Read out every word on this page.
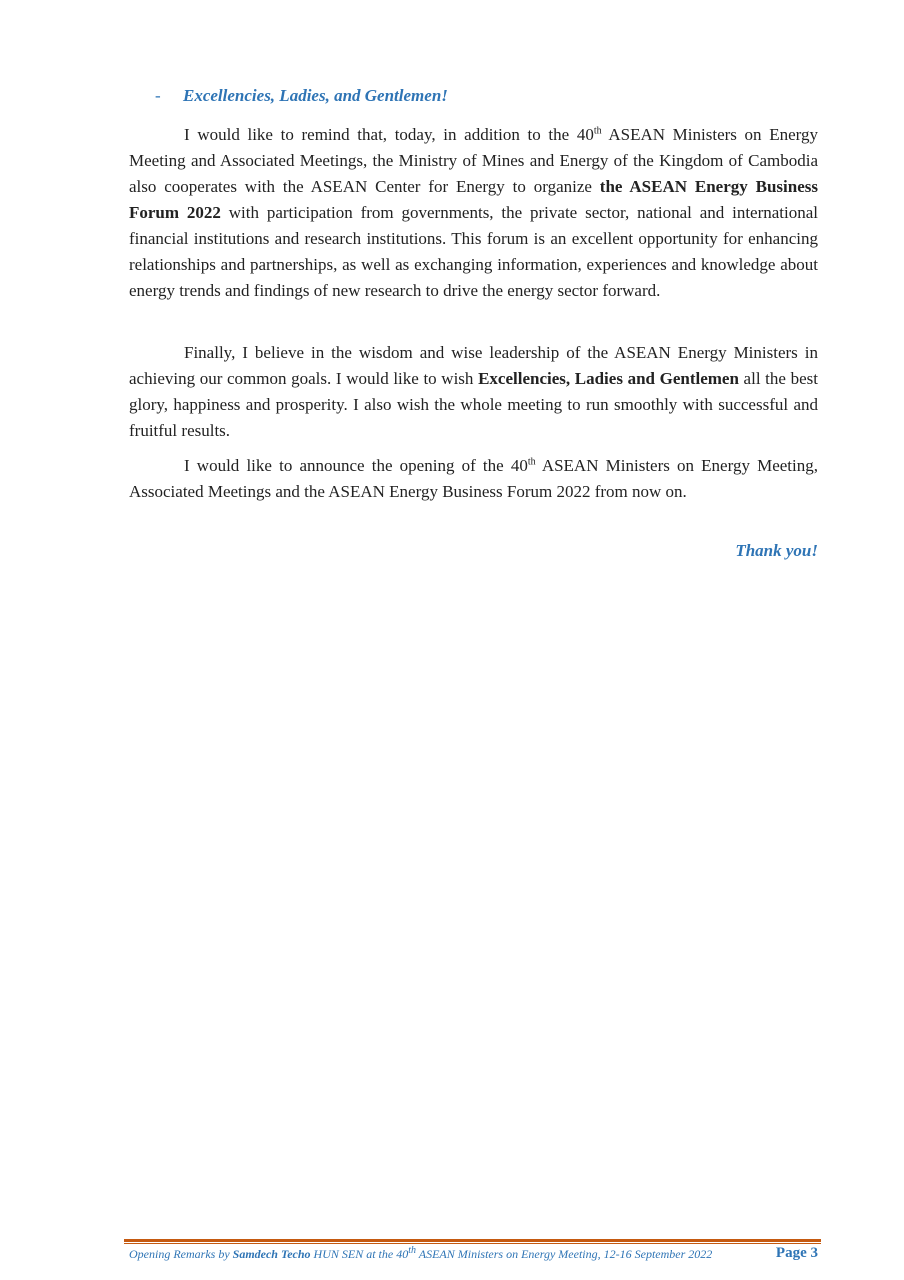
- Excellencies, Ladies, and Gentlemen!

I would like to remind that, today, in addition to the 40th ASEAN Ministers on Energy Meeting and Associated Meetings, the Ministry of Mines and Energy of the Kingdom of Cambodia also cooperates with the ASEAN Center for Energy to organize the ASEAN Energy Business Forum 2022 with participation from governments, the private sector, national and international financial institutions and research institutions. This forum is an excellent opportunity for enhancing relationships and partnerships, as well as exchanging information, experiences and knowledge about energy trends and findings of new research to drive the energy sector forward.

Finally, I believe in the wisdom and wise leadership of the ASEAN Energy Ministers in achieving our common goals. I would like to wish Excellencies, Ladies and Gentlemen all the best glory, happiness and prosperity. I also wish the whole meeting to run smoothly with successful and fruitful results.

I would like to announce the opening of the 40th ASEAN Ministers on Energy Meeting, Associated Meetings and the ASEAN Energy Business Forum 2022 from now on.

Thank you!
Opening Remarks by Samdech Techo HUN SEN at the 40th ASEAN Ministers on Energy Meeting, 12-16 September 2022	Page 3
